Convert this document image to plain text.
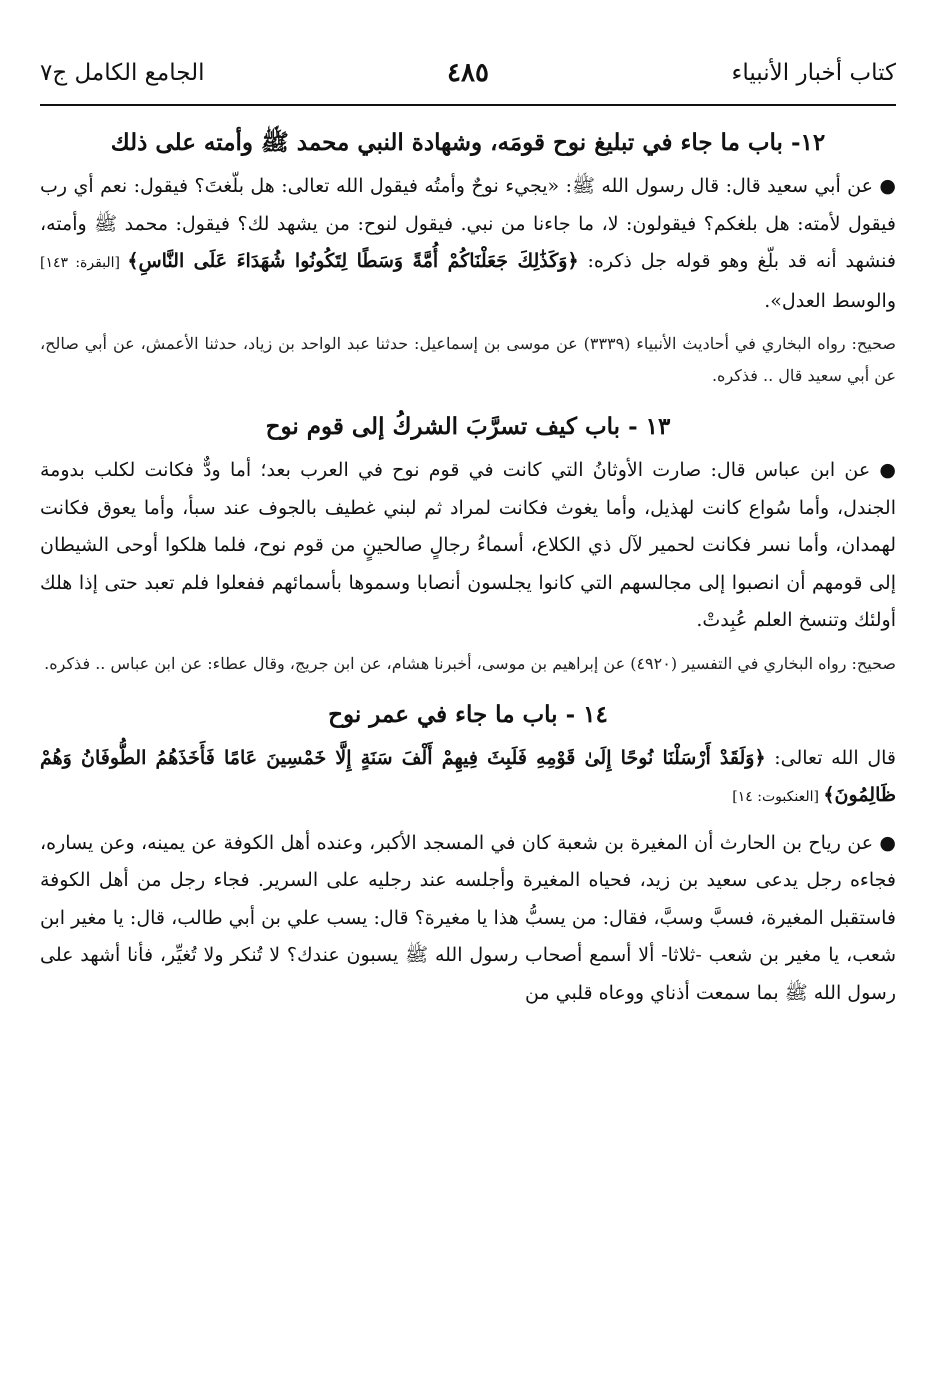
كتاب أخبار الأنبياء
٤٨٥
الجامع الكامل ج٧
١٢- باب ما جاء في تبليغ نوح قومَه، وشهادة النبي محمد ﷺ وأمته على ذلك

● عن أبي سعيد قال: قال رسول الله ﷺ: «يجيء نوحٌ وأمتُه فيقول الله تعالى: هل بلّغتَ؟ فيقول: نعم أي رب فيقول لأمته: هل بلغكم؟ فيقولون: لا، ما جاءنا من نبي. فيقول لنوح: من يشهد لك؟ فيقول: محمد ﷺ وأمته، فنشهد أنه قد بلّغ وهو قوله جل ذكره: ﴿وَكَذَٰلِكَ جَعَلْنَاكُمْ أُمَّةً وَسَطًا لِتَكُونُوا شُهَدَاءَ عَلَى النَّاسِ﴾ [البقرة: ١٤٣] والوسط العدل».

صحيح: رواه البخاري في أحاديث الأنبياء (٣٣٣٩) عن موسى بن إسماعيل: حدثنا عبد الواحد بن زياد، حدثنا الأعمش، عن أبي صالح، عن أبي سعيد قال .. فذكره.

١٣ - باب كيف تسرَّبَ الشركُ إلى قوم نوح

● عن ابن عباس قال: صارت الأوثانُ التي كانت في قوم نوح في العرب بعد؛ أما ودٌّ فكانت لكلب بدومة الجندل، وأما سُواع كانت لهذيل، وأما يغوث فكانت لمراد ثم لبني غطيف بالجوف عند سبأ، وأما يعوق فكانت لهمدان، وأما نسر فكانت لحمير لآل ذي الكلاع، أسماءُ رجالٍ صالحينٍ من قوم نوح، فلما هلكوا أوحى الشيطان إلى قومهم أن انصبوا إلى مجالسهم التي كانوا يجلسون أنصابا وسموها بأسمائهم ففعلوا فلم تعبد حتى إذا هلك أولئك وتنسخ العلم عُبِدتْ.

صحيح: رواه البخاري في التفسير (٤٩٢٠) عن إبراهيم بن موسى، أخبرنا هشام، عن ابن جريج، وقال عطاء: عن ابن عباس .. فذكره.

١٤ - باب ما جاء في عمر نوح

قال الله تعالى: ﴿وَلَقَدْ أَرْسَلْنَا نُوحًا إِلَىٰ قَوْمِهِ فَلَبِثَ فِيهِمْ أَلْفَ سَنَةٍ إِلَّا خَمْسِينَ عَامًا فَأَخَذَهُمُ الطُّوفَانُ وَهُمْ ظَالِمُونَ﴾ [العنكبوت: ١٤]

● عن رياح بن الحارث أن المغيرة بن شعبة كان في المسجد الأكبر، وعنده أهل الكوفة عن يمينه، وعن يساره، فجاءه رجل يدعى سعيد بن زيد، فحياه المغيرة وأجلسه عند رجليه على السرير. فجاء رجل من أهل الكوفة فاستقبل المغيرة، فسبَّ وسبَّ، فقال: من يسبُّ هذا يا مغيرة؟ قال: يسب علي بن أبي طالب، قال: يا مغير ابن شعب، يا مغير بن شعب -ثلاثا- ألا أسمع أصحاب رسول الله ﷺ يسبون عندك؟ لا تُنكر ولا تُغيِّر، فأنا أشهد على رسول الله ﷺ بما سمعت أذناي ووعاه قلبي من
